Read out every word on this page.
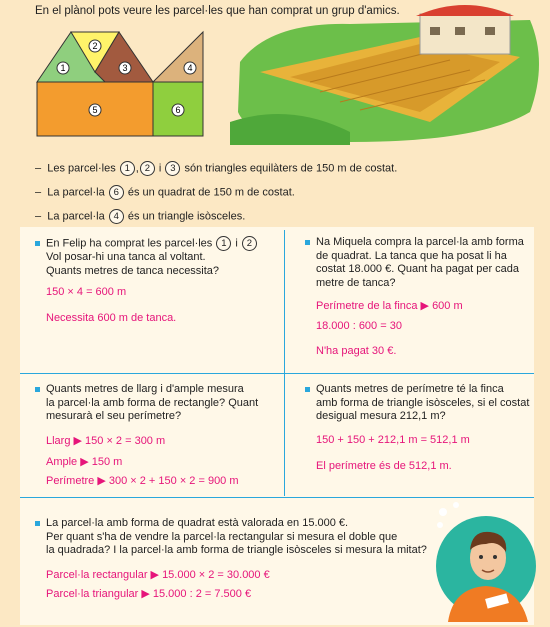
En el plànol pots veure les parcel·les que han comprat un grup d'amics.
1
2
3	4
5	6
– Les parcel·les 1 , 2 i 3 són triangles equilàters de 150 m de costat.
– La parcel·la 6 és un quadrat de 150 m de costat.
– La parcel·la 4 és un triangle isòsceles.
En Felip ha comprat les parcel·les 1 i 2
Vol posar-hi una tanca al voltant.
Quants metres de tanca necessita?
150 × 4 = 600 m
Necessita 600 m de tanca.
Na Miquela compra la parcel·la amb forma
de quadrat. La tanca que ha posat li ha
costat 18.000 €. Quant ha pagat per cada
metre de tanca?
Perímetre de la finca ▶ 600 m
18.000 : 600 = 30
N'ha pagat 30 €.
Quants metres de llarg i d'ample mesura
la parcel·la amb forma de rectangle? Quant
mesurarà el seu perímetre?
Llarg ▶ 150 × 2 = 300 m
Ample ▶ 150 m
Perímetre ▶ 300 × 2 + 150 × 2 = 900 m
Quants metres de perímetre té la finca
amb forma de triangle isòsceles, si el costat
desigual mesura 212,1 m?
150 + 150 + 212,1 m = 512,1 m
El perímetre és de 512,1 m.
La parcel·la amb forma de quadrat està valorada en 15.000 €.
Per quant s'ha de vendre la parcel·la rectangular si mesura el doble que
la quadrada? I la parcel·la amb forma de triangle isòsceles si mesura la mitat?
Parcel·la rectangular ▶ 15.000 × 2 = 30.000 €
Parcel·la triangular ▶ 15.000 : 2 = 7.500 €
